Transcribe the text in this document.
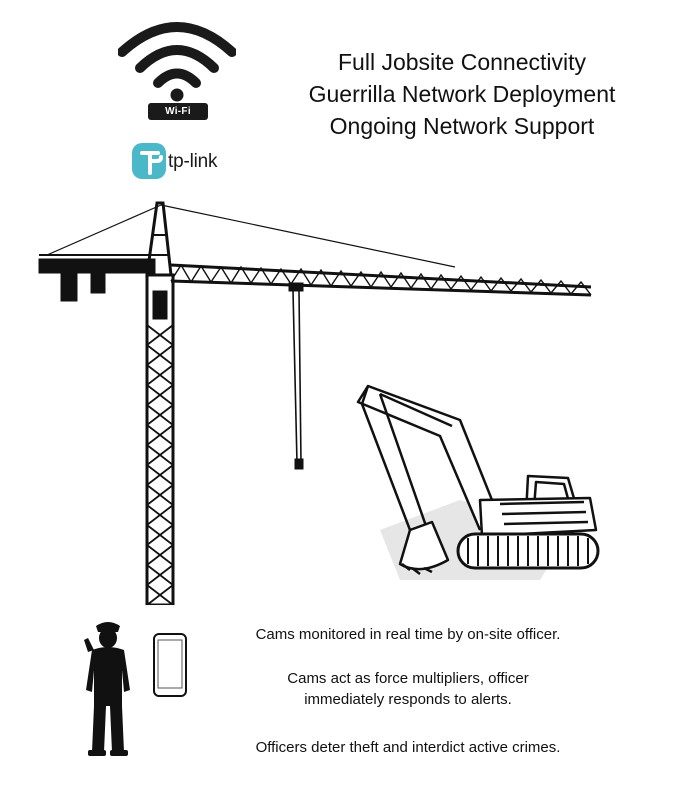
Wi-Fi
tp-link
Full Jobsite Connectivity
Guerrilla Network Deployment
Ongoing Network Support
Cams monitored in real time by on-site officer.
Cams act as force multipliers, officer
immediately responds to alerts.
Officers deter theft and interdict active crimes.
